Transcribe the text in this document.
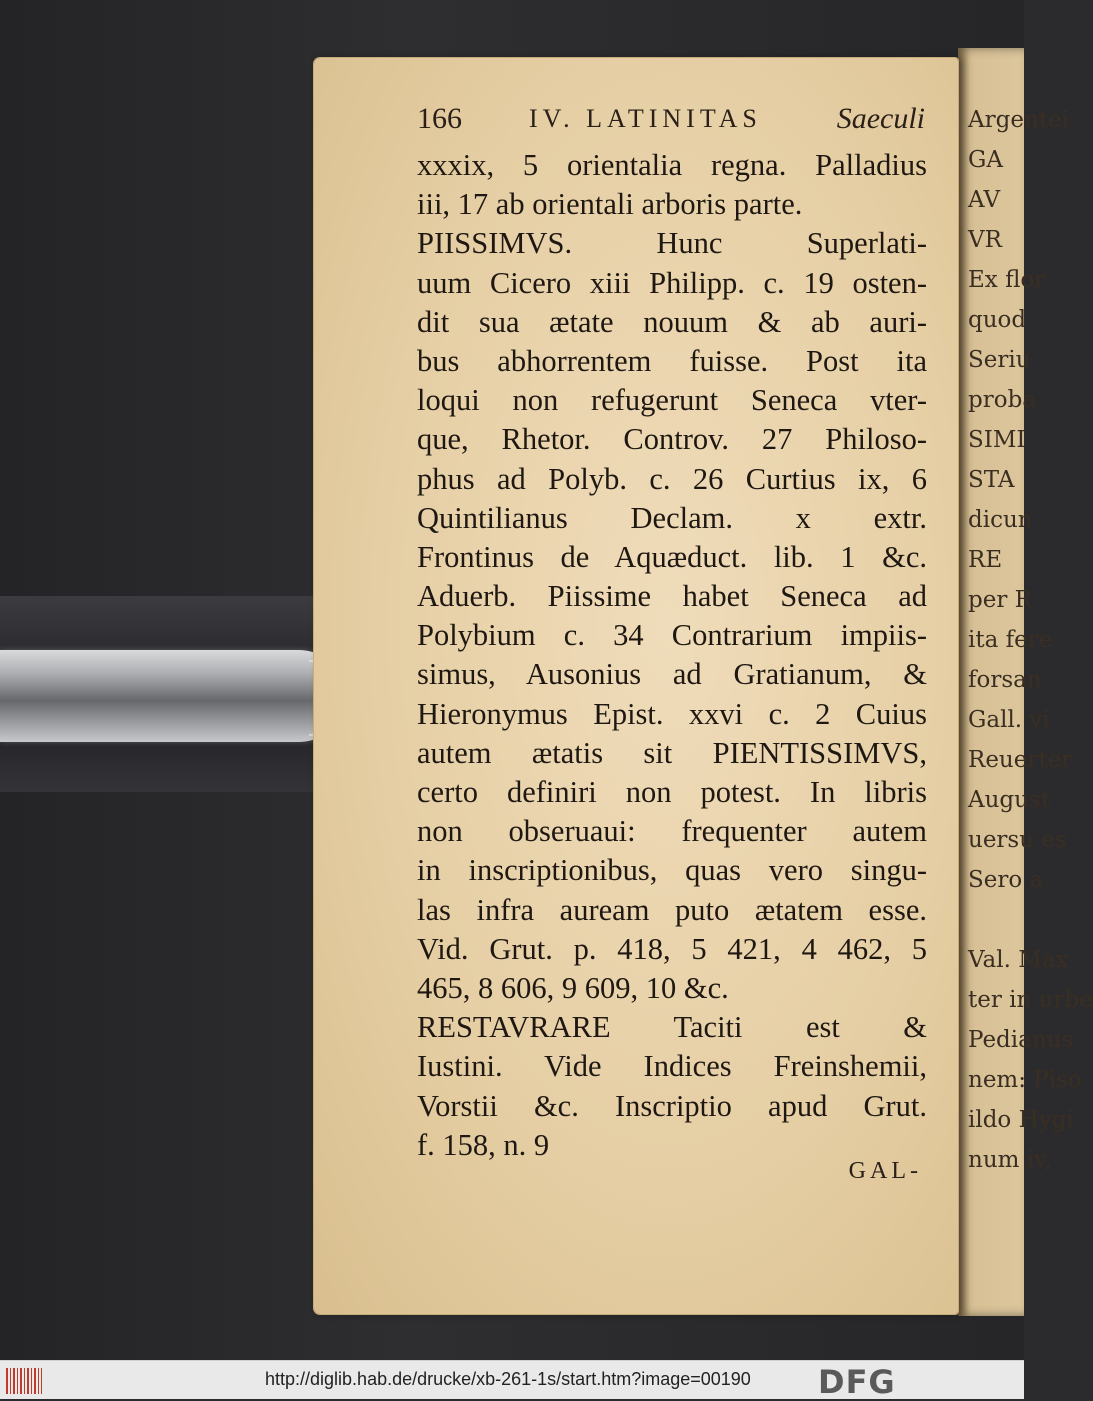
Argentei
GA
AV
VR
Ex flor
quod
Seriu
proba
SIMI
STA
dicun
RE
per R
ita fere
forsan
Gall. vi
Reuerter
August
uersu es
Sero a
Val. Max
ter in urbe
Pedianus
nem: Piso
ildo Hygi
num iv,
166	IV. LATINITAS Saeculi
xxxix, 5 orientalia regna. Palladius
iii, 17 ab orientali arboris parte.
PIISSIMVS. Hunc Superlati-
uum Cicero xiii Philipp. c. 19 osten-
dit sua ætate nouum & ab auri-
bus abhorrentem fuisse. Post ita
loqui non refugerunt Seneca vter-
que, Rhetor. Controv. 27 Philoso-
phus ad Polyb. c. 26 Curtius ix, 6
Quintilianus Declam. x extr.
Frontinus de Aquæduct. lib. 1 &c.
Aduerb. Piissime habet Seneca ad
Polybium c. 34 Contrarium impiis-
simus, Ausonius ad Gratianum, &
Hieronymus Epist. xxvi c. 2 Cuius
autem ætatis sit PIENTISSIMVS,
certo definiri non potest. In libris
non obseruaui: frequenter autem
in inscriptionibus, quas vero singu-
las infra auream puto ætatem esse.
Vid. Grut. p. 418, 5 421, 4 462, 5
465, 8 606, 9 609, 10 &c.
RESTAVRARE Taciti est &
Iustini. Vide Indices Freinshemii,
Vorstii &c. Inscriptio apud Grut.
f. 158, n. 9
GAL-
http://diglib.hab.de/drucke/xb-261-1s/start.htm?image=00190 DFG
